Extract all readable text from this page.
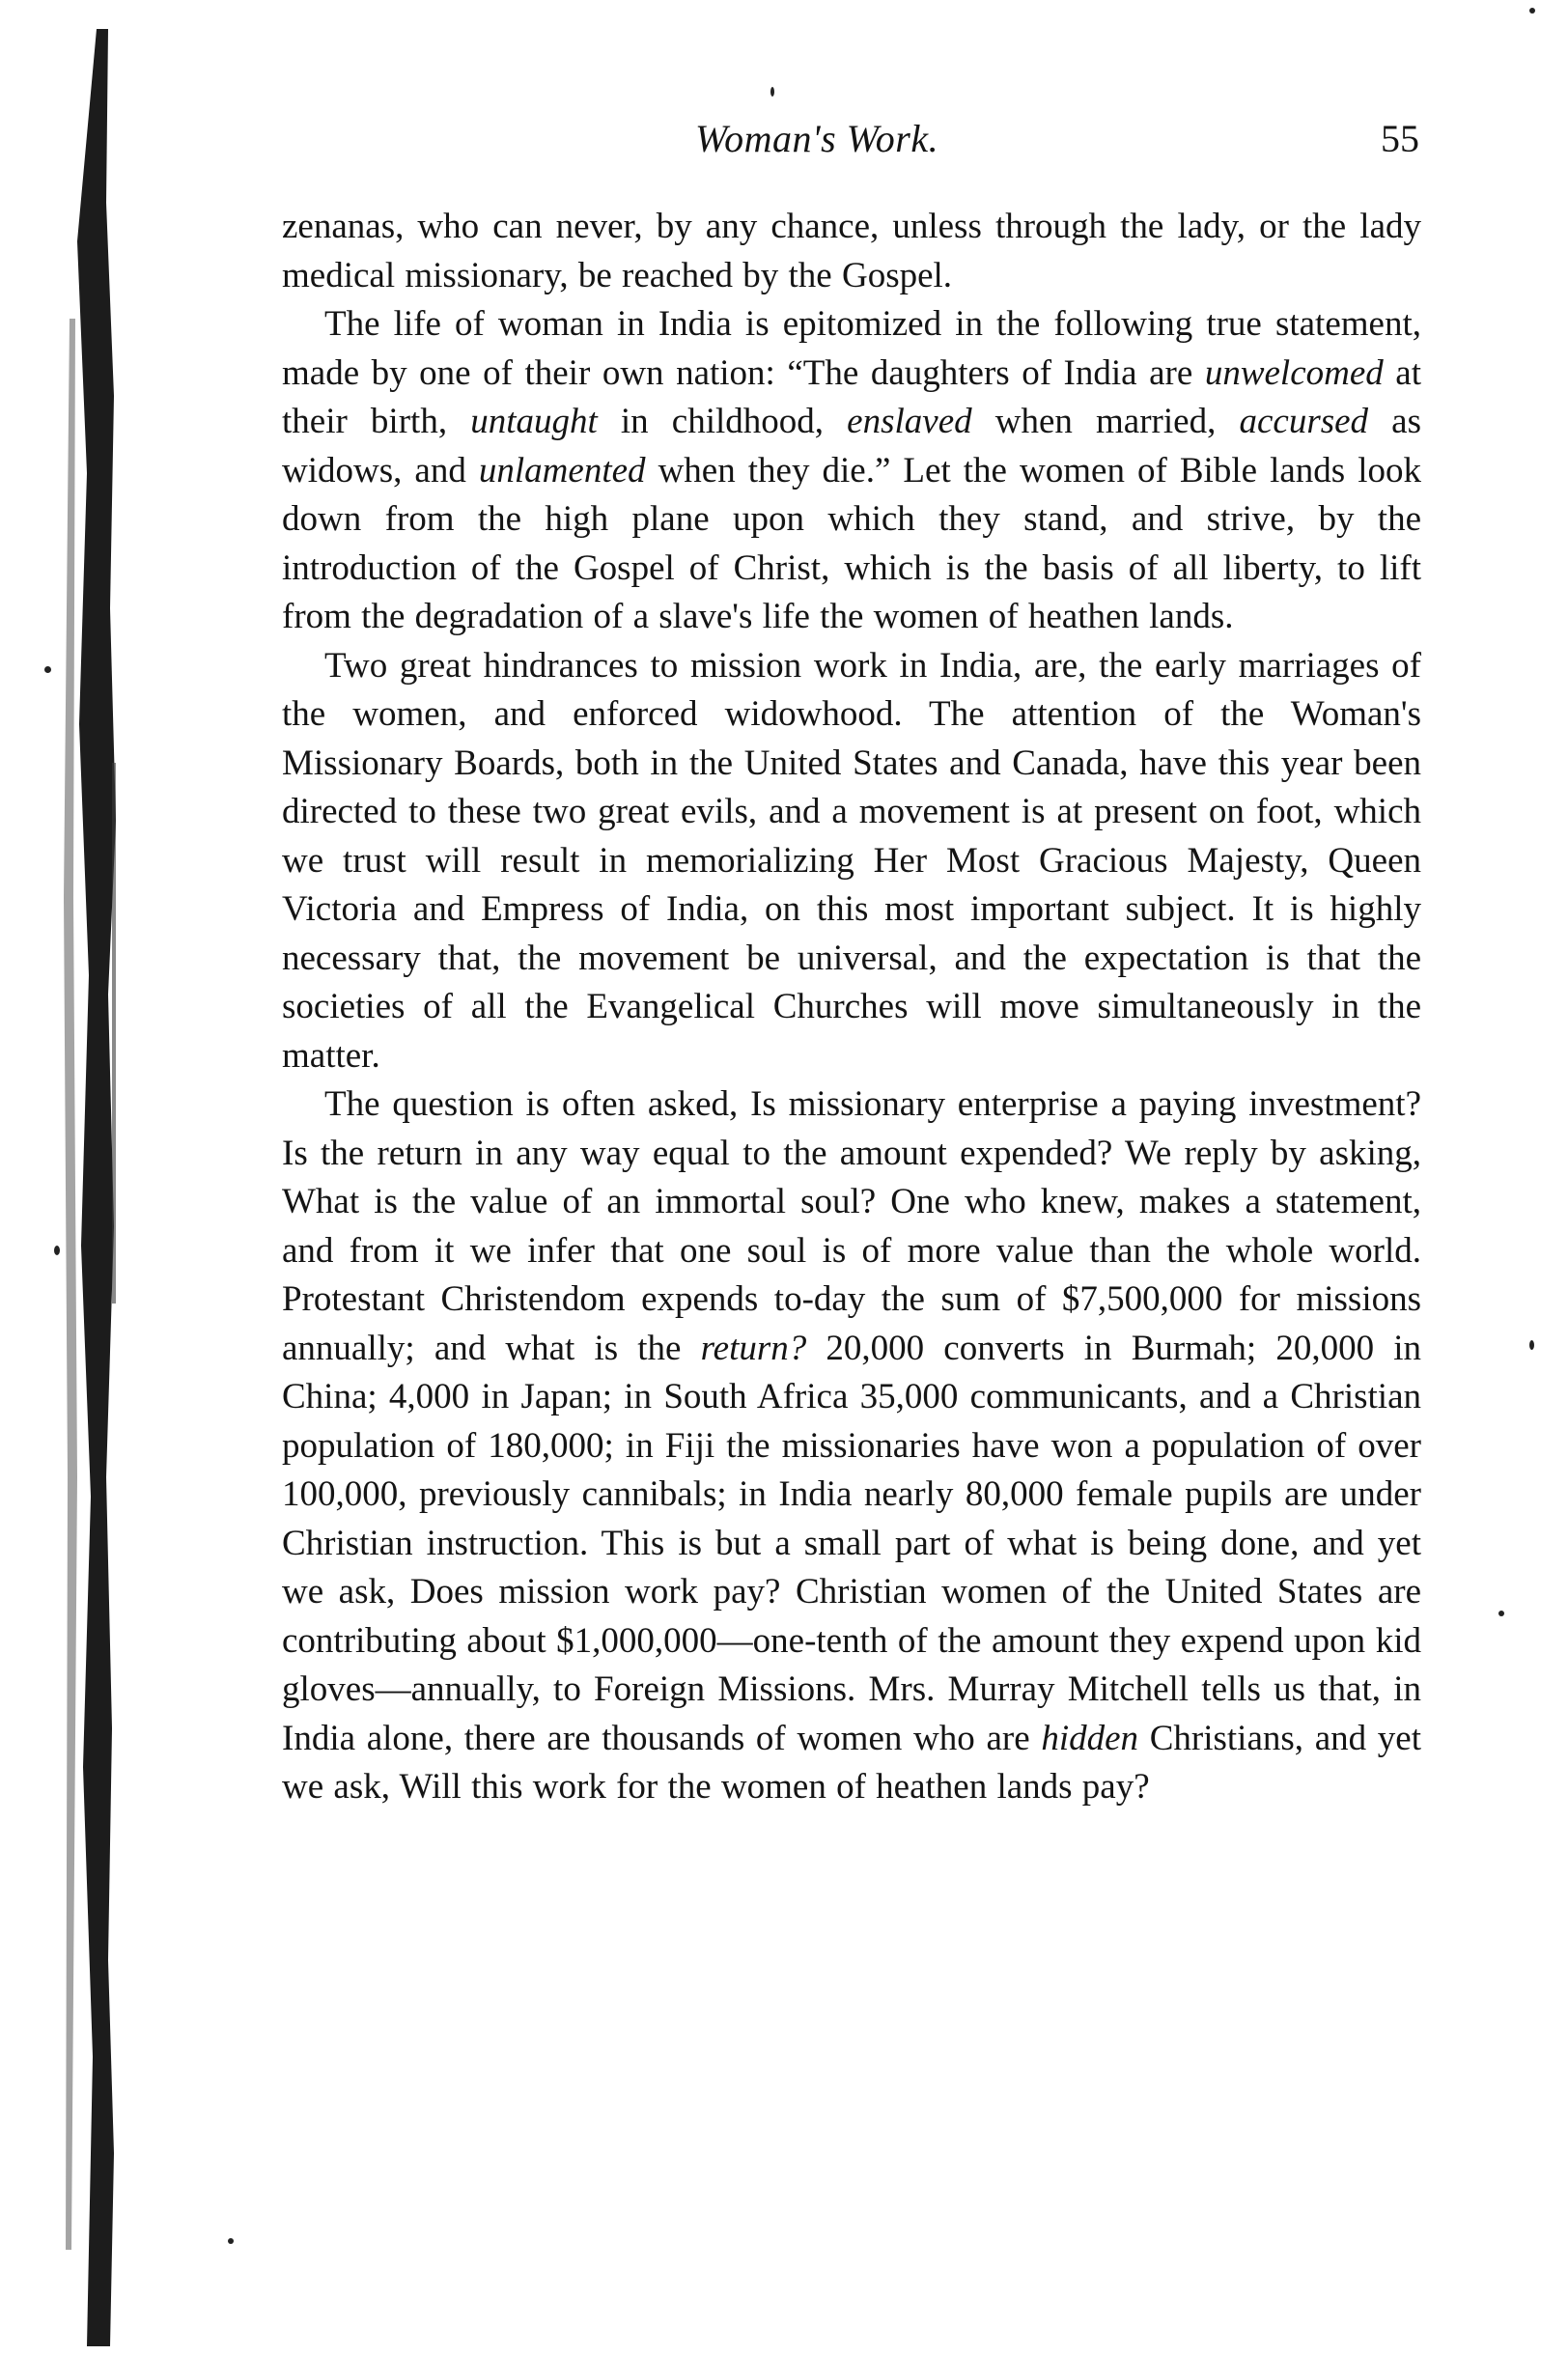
Woman's Work.	55

zenanas, who can never, by any chance, unless through the lady, or the lady medical missionary, be reached by the Gospel.

The life of woman in India is epitomized in the following true statement, made by one of their own nation: “The daughters of India are unwelcomed at their birth, untaught in childhood, enslaved when married, accursed as widows, and unlamented when they die.” Let the women of Bible lands look down from the high plane upon which they stand, and strive, by the introduction of the Gospel of Christ, which is the basis of all liberty, to lift from the degradation of a slave's life the women of heathen lands.

Two great hindrances to mission work in India, are, the early marriages of the women, and enforced widowhood. The attention of the Woman's Missionary Boards, both in the United States and Canada, have this year been directed to these two great evils, and a movement is at present on foot, which we trust will result in memorializing Her Most Gracious Majesty, Queen Victoria and Empress of India, on this most important subject. It is highly necessary that, the movement be universal, and the expectation is that the societies of all the Evangelical Churches will move simultaneously in the matter.

The question is often asked, Is missionary enterprise a paying investment? Is the return in any way equal to the amount expended? We reply by asking, What is the value of an immortal soul? One who knew, makes a statement, and from it we infer that one soul is of more value than the whole world. Protestant Christendom expends to-day the sum of $7,500,000 for missions annually; and what is the return? 20,000 converts in Burmah; 20,000 in China; 4,000 in Japan; in South Africa 35,000 communicants, and a Christian population of 180,000; in Fiji the missionaries have won a population of over 100,000, previously cannibals; in India nearly 80,000 female pupils are under Christian instruction. This is but a small part of what is being done, and yet we ask, Does mission work pay? Christian women of the United States are contributing about $1,000,000—one-tenth of the amount they expend upon kid gloves—annually, to Foreign Missions. Mrs. Murray Mitchell tells us that, in India alone, there are thousands of women who are hidden Christians, and yet we ask, Will this work for the women of heathen lands pay?
